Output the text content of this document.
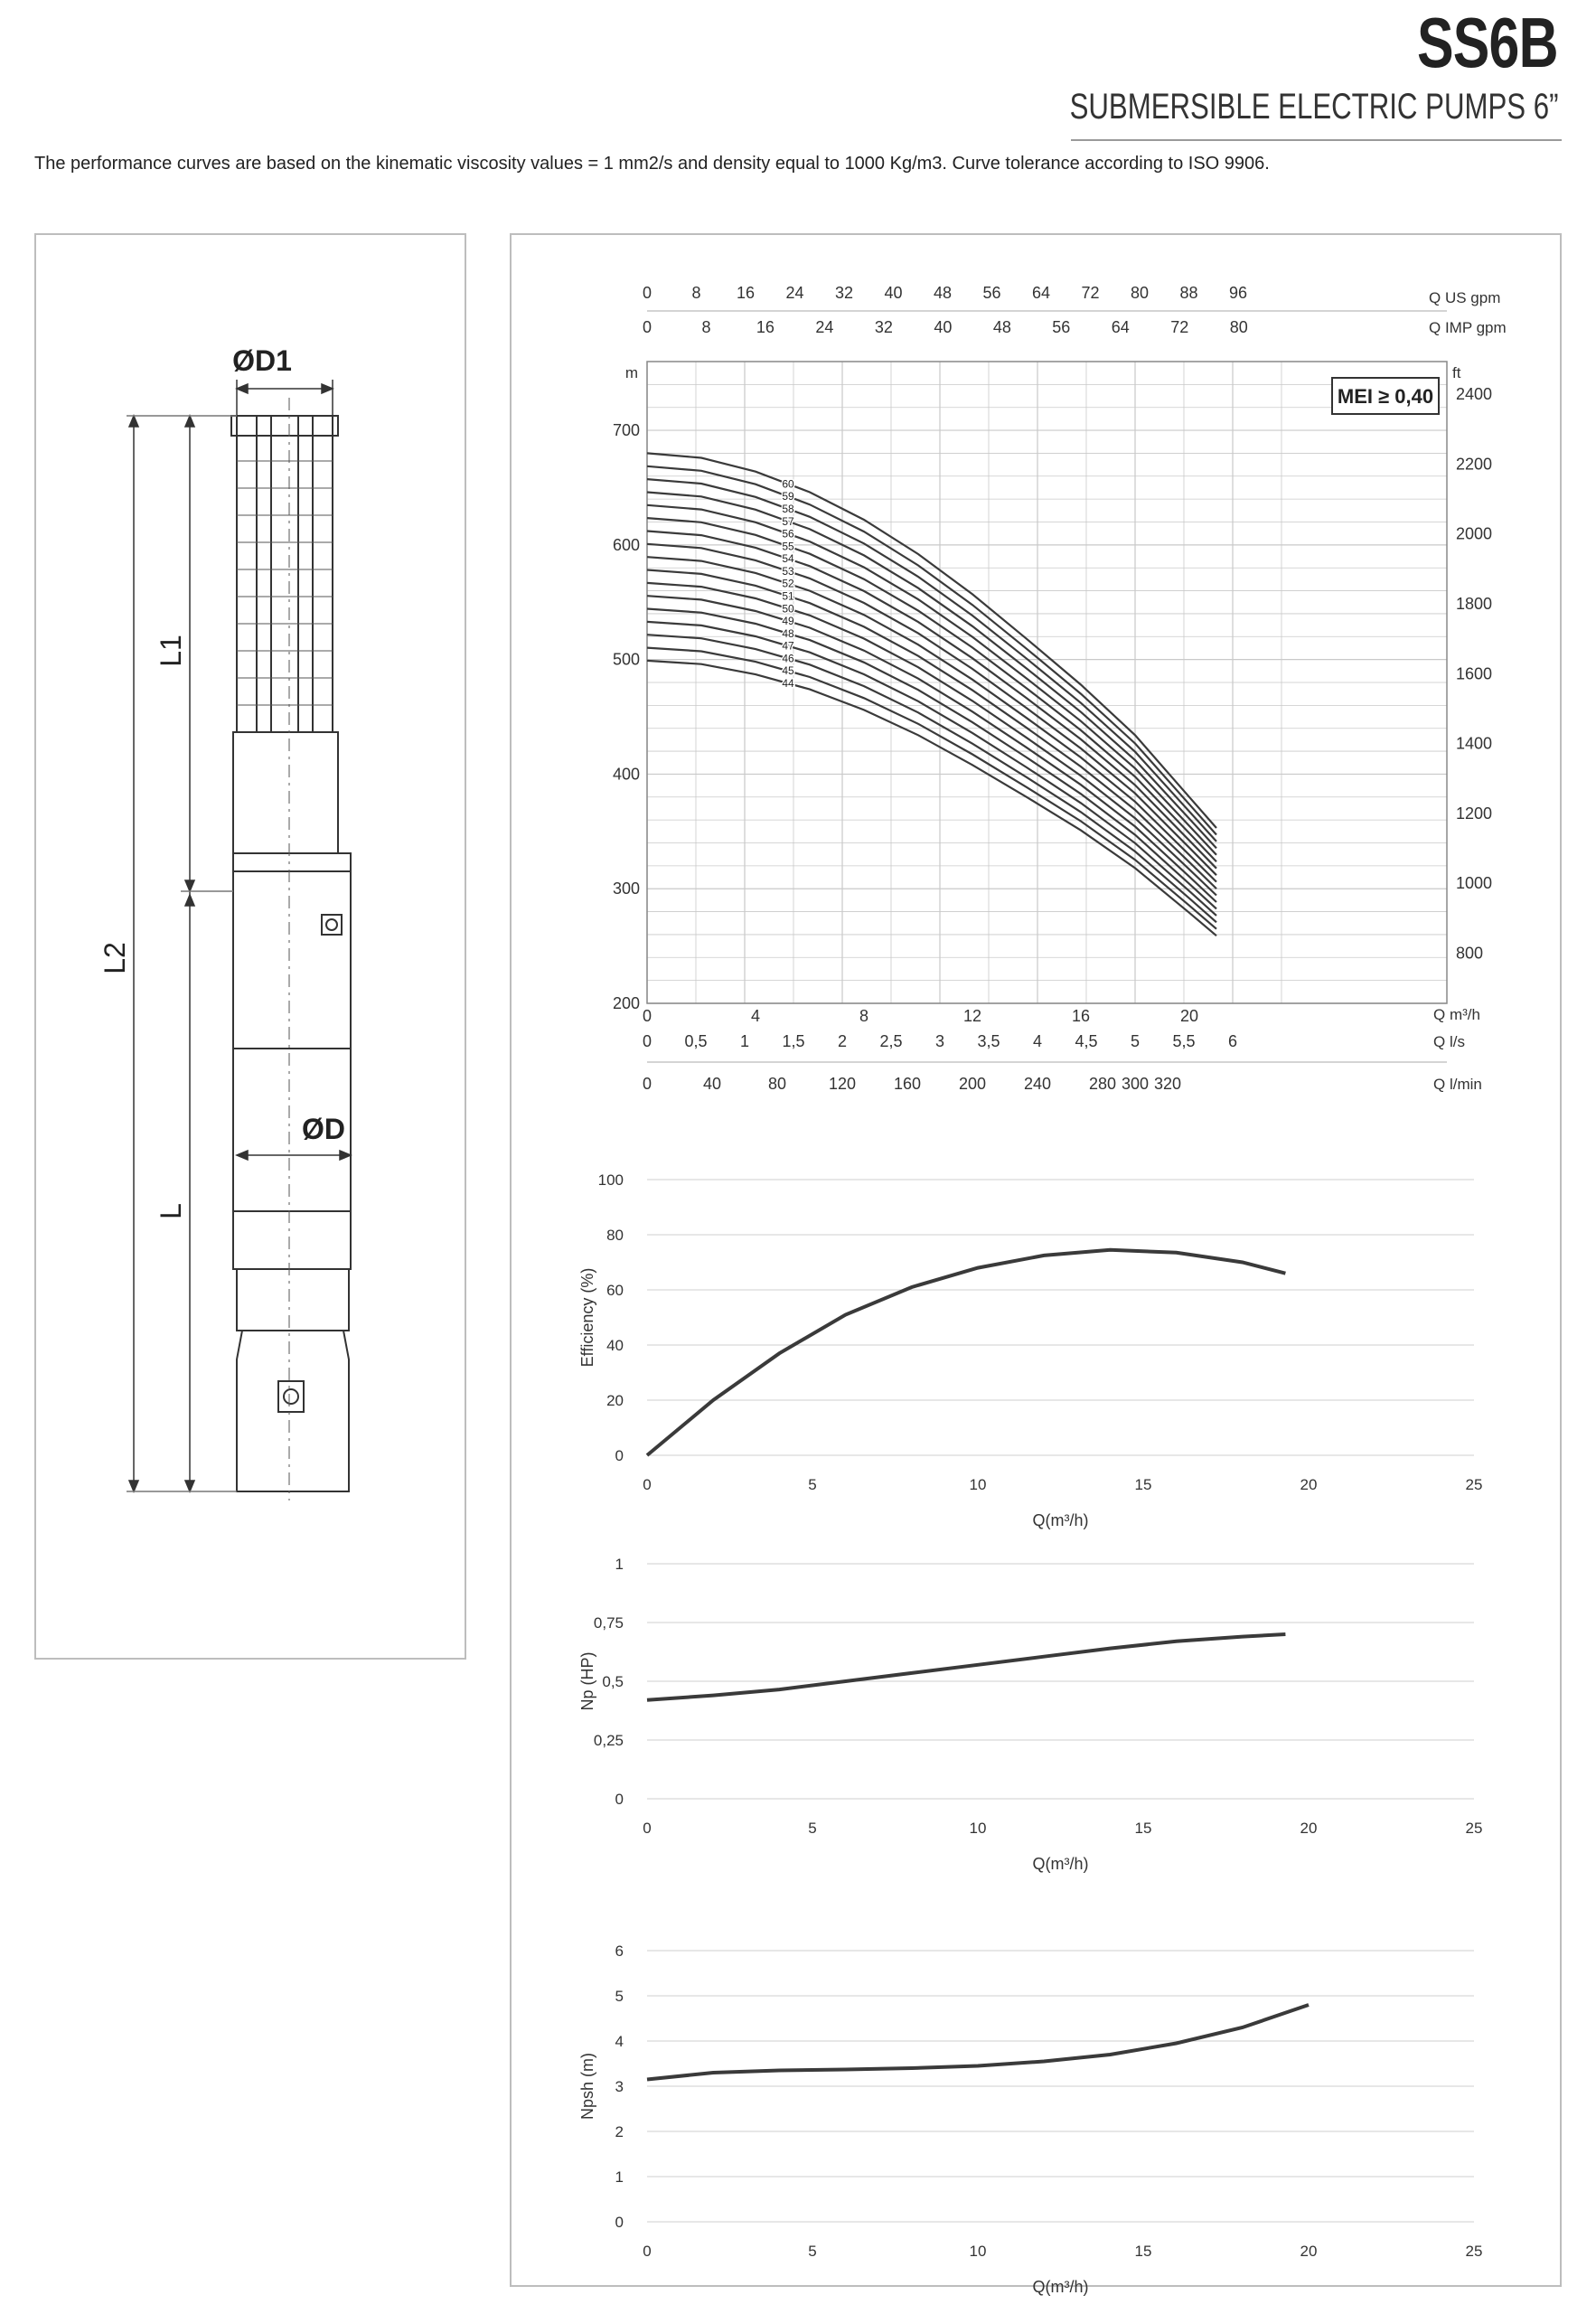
SS6B
SUBMERSIBLE ELECTRIC PUMPS 6”
The performance curves are based on the kinematic viscosity values = 1 mm2/s and density equal to 1000 Kg/m3. Curve tolerance according to ISO 9906.
ØD1
ØD
L1
L2
L
200
300
400
500
600
700
m
800
1000
1200
1400
1600
1800
2000
2200
2400
ft
0 8 16 24 32 40 48 56 64 72 80 88 96	Q US gpm
0	8	16	24	32	40	48	56	64	72	80	Q IMP gpm
0	4	8	12	16	20	Q m³/h
0 0,5 1 1,5 2 2,5 3 3,5 4 4,5 5 5,5 6	Q l/s
0	40	80	120 160 200 240 280 300 320	Q l/min
MEI ≥ 0,40
60
59
58
57
56
55
54
53
52
51
50
49
48
47
46
45
44
0
20
40
60
80
100
0	5	10	15	20	25
Q(m³/h)
Efficiency (%)
0
0,25
0,5
0,75
1
0	5	10	15	20	25
Q(m³/h)
Np (HP)
0
1
2
3
4
5
6
0	5	10	15	20	25
Q(m³/h)
Npsh (m)
